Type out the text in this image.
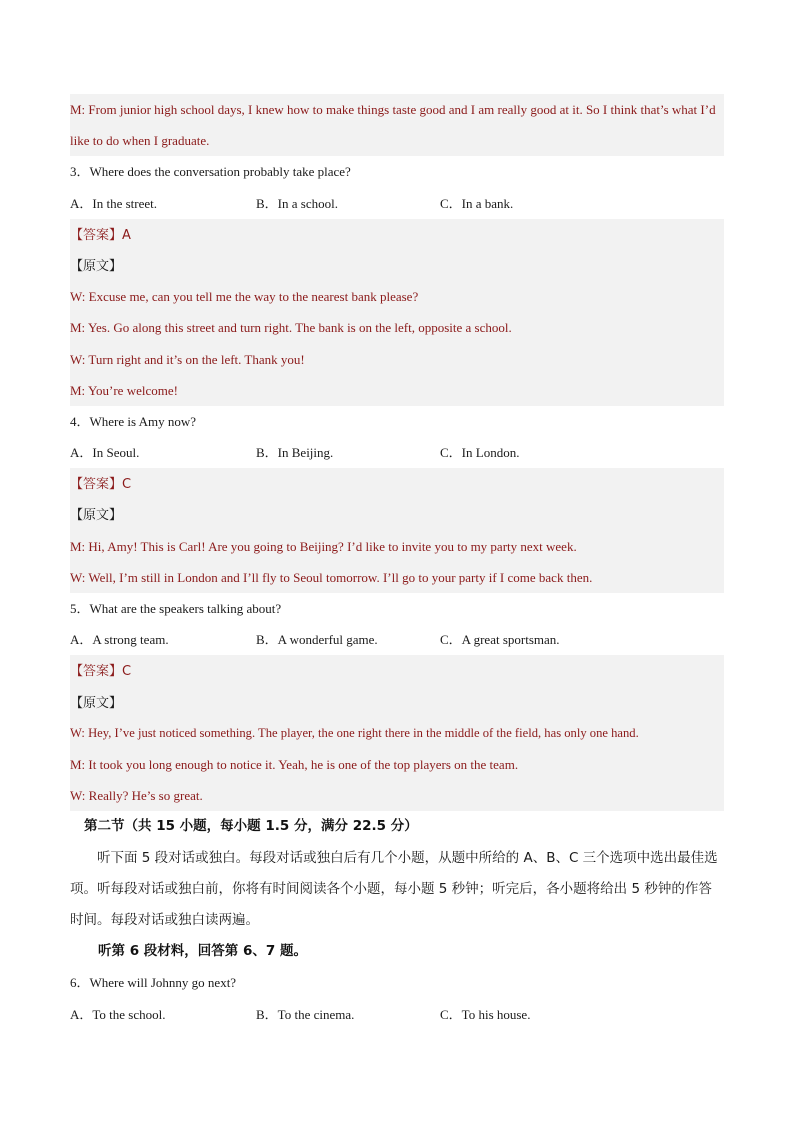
M: From junior high school days, I knew how to make things taste good and I am really good at it. So I think that’s what I’d like to do when I graduate.
3．Where does the conversation probably take place?
A．In the street.	B．In a school.	C．In a bank.
【答案】A
【原文】
W: Excuse me, can you tell me the way to the nearest bank please?
M: Yes. Go along this street and turn right. The bank is on the left, opposite a school.
W: Turn right and it’s on the left. Thank you!
M: You’re welcome!
4．Where is Amy now?
A．In Seoul.	B．In Beijing.	C．In London.
【答案】C
【原文】
M: Hi, Amy! This is Carl! Are you going to Beijing? I’d like to invite you to my party next week.
W: Well, I’m still in London and I’ll fly to Seoul tomorrow. I’ll go to your party if I come back then.
5．What are the speakers talking about?
A．A strong team.	B．A wonderful game.	C．A great sportsman.
【答案】C
【原文】
W: Hey, I’ve just noticed something. The player, the one right there in the middle of the field, has only one hand.
M: It took you long enough to notice it. Yeah, he is one of the top players on the team.
W: Really? He’s so great.
第二节（共 15 小题，每小题 1.5 分，满分 22.5 分）
听下面 5 段对话或独白。每段对话或独白后有几个小题，从题中所给的 A、B、C 三个选项中选出最佳选项。听每段对话或独白前，你将有时间阅读各个小题，每小题 5 秒钟；听完后，各小题将给出 5 秒钟的作答时间。每段对话或独白读两遍。
听第 6 段材料，回答第 6、7 题。
6．Where will Johnny go next?
A．To the school.	B．To the cinema.	C．To his house.
